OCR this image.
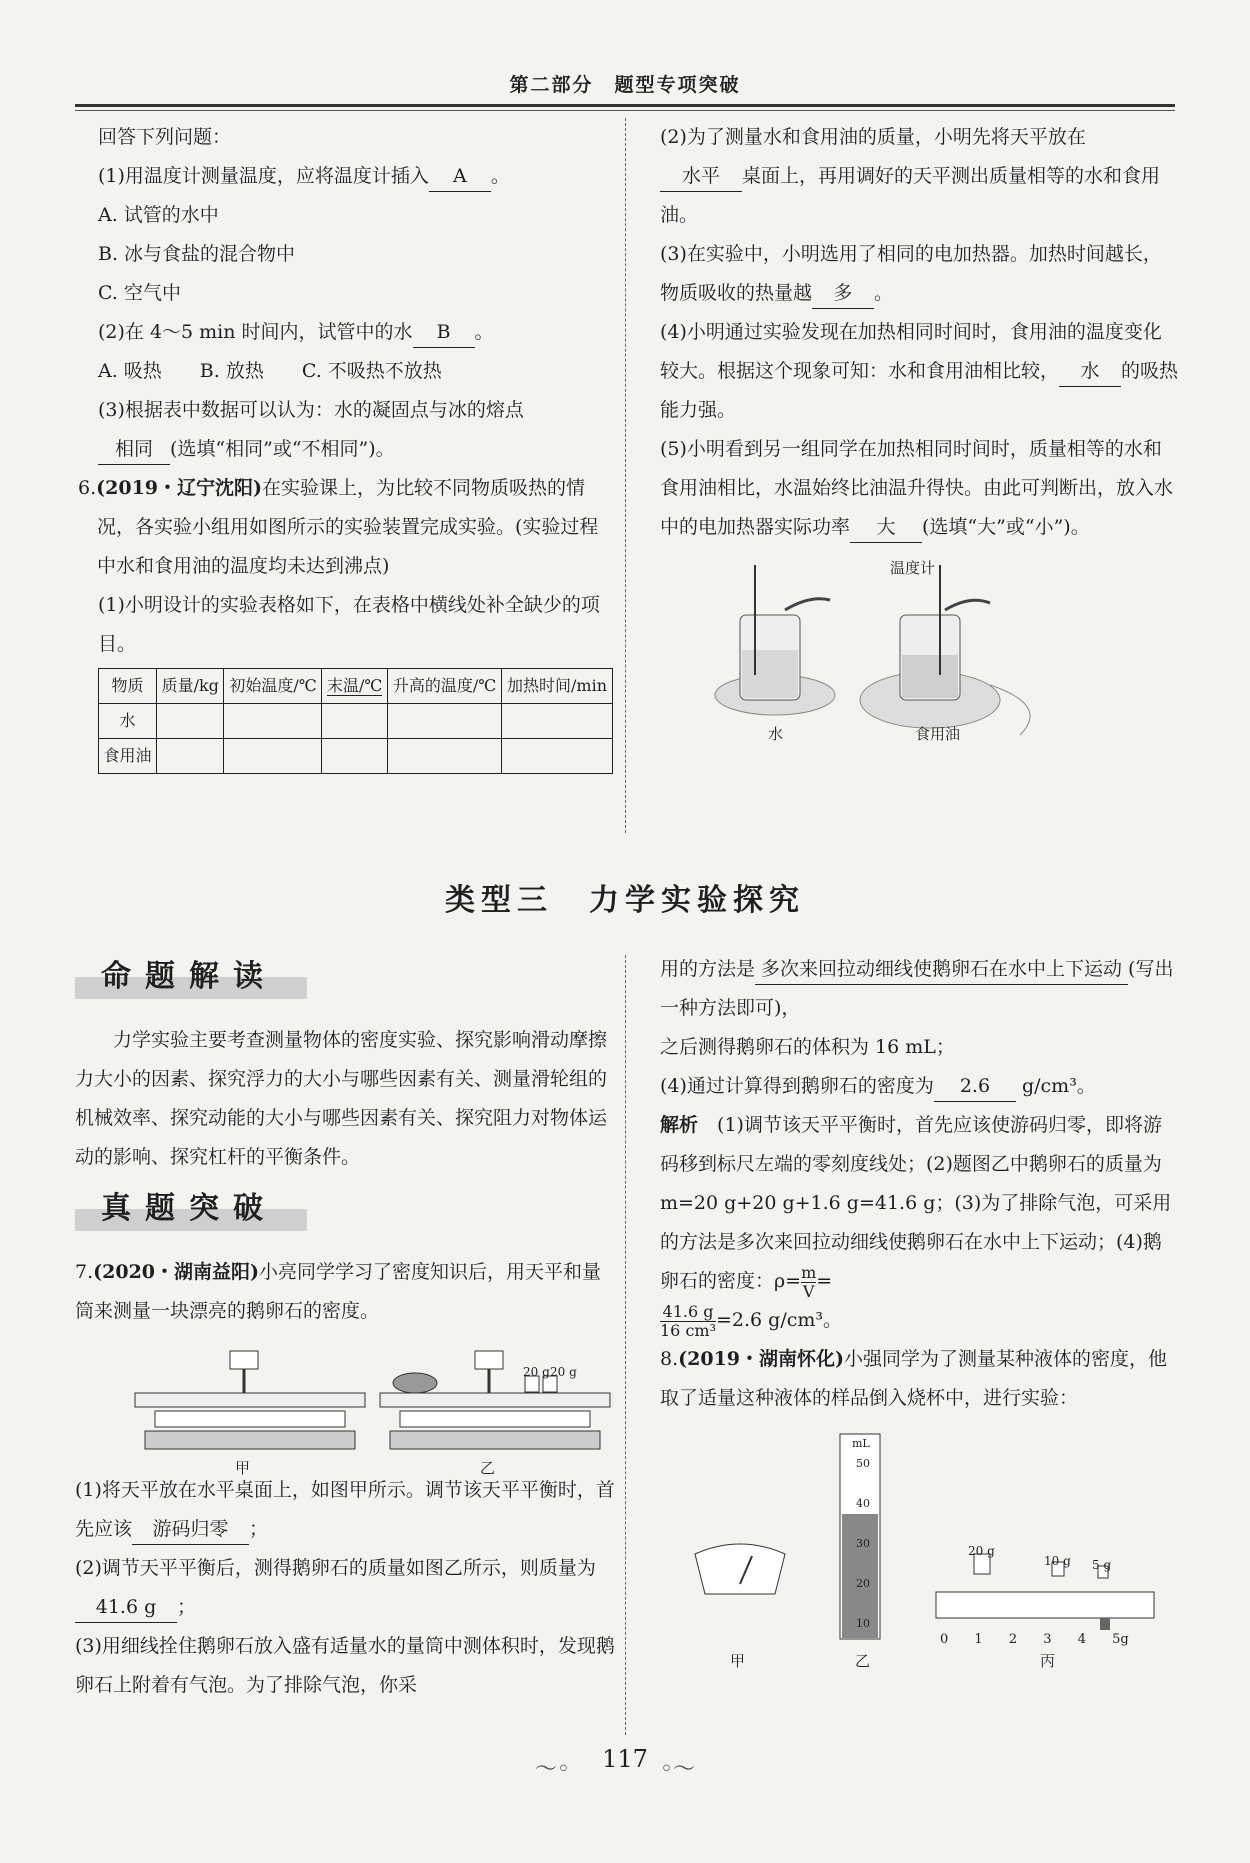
第二部分　题型专项突破

回答下列问题：

(1)用温度计测量温度，应将温度计插入 A 。

A. 试管的水中

B. 冰与食盐的混合物中

C. 空气中

(2)在 4～5 min 时间内，试管中的水 B 。

A. 吸热　　B. 放热　　C. 不吸热不放热

(3)根据表中数据可以认为：水的凝固点与冰的熔点

相同 (选填“相同”或“不相同”)。

6.(2019・辽宁沈阳)在实验课上，为比较不同物质吸热的情况，各实验小组用如图所示的实验装置完成实验。(实验过程中水和食用油的温度均未达到沸点)

(1)小明设计的实验表格如下，在表格中横线处补全缺少的项目。

物质	质量/kg	初始温度/℃	末温/℃	升高的温度/℃	加热时间/min
水					
食用油					

(2)为了测量水和食用油的质量，小明先将天平放在

水平 桌面上，再用调好的天平测出质量相等的水和食用油。

(3)在实验中，小明选用了相同的电加热器。加热时间越长，物质吸收的热量越 多 。

(4)小明通过实验发现在加热相同时间时，食用油的温度变化较大。根据这个现象可知：水和食用油相比较， 水 的吸热能力强。

(5)小明看到另一组同学在加热相同时间时，质量相等的水和食用油相比，水温始终比油温升得快。由此可判断出，放入水中的电加热器实际功率 大 (选填“大”或“小”)。

温度计
水	食用油
类型三　力学实验探究
命题解读

力学实验主要考查测量物体的密度实验、探究影响滑动摩擦力大小的因素、探究浮力的大小与哪些因素有关、测量滑轮组的机械效率、探究动能的大小与哪些因素有关、探究阻力对物体运动的影响、探究杠杆的平衡条件。

真题突破

7.(2020・湖南益阳)小亮同学学习了密度知识后，用天平和量筒来测量一块漂亮的鹅卵石的密度。

20 g 20 g
甲	乙

(1)将天平放在水平桌面上，如图甲所示。调节该天平平衡时，首先应该 游码归零 ；

(2)调节天平平衡后，测得鹅卵石的质量如图乙所示，则质量为41.6 g ；

(3)用细线拴住鹅卵石放入盛有适量水的量筒中测体积时，发现鹅卵石上附着有气泡。为了排除气泡，你采

用的方法是 多次来回拉动细线使鹅卵石在水中上下运动 (写出一种方法即可)，

之后测得鹅卵石的体积为 16 mL；

(4)通过计算得到鹅卵石的密度为 2.6 g/cm³。

解析　 (1)调节该天平平衡时，首先应该使游码归零，即将游码移到标尺左端的零刻度线处；(2)题图乙中鹅卵石的质量为m=20 g+20 g+1.6 g=41.6 g；(3)为了排除气泡，可采用的方法是多次来回拉动细线使鹅卵石在水中上下运动；(4)鹅卵石的密度：$\rho= \frac{m}{V}$ =

$\frac{41.6 g}{\text{16 cm³}} =2.6$ g/cm³。

8.(2019・湖南怀化)小强同学为了测量某种液体的密度，他取了适量这种液体的样品倒入烧杯中，进行实验：

mL
50
40
30
20
10
20 g
10 g 5 g
0 1 2 3 4 5g
甲	乙	丙
〜◦	117 ◦〜
